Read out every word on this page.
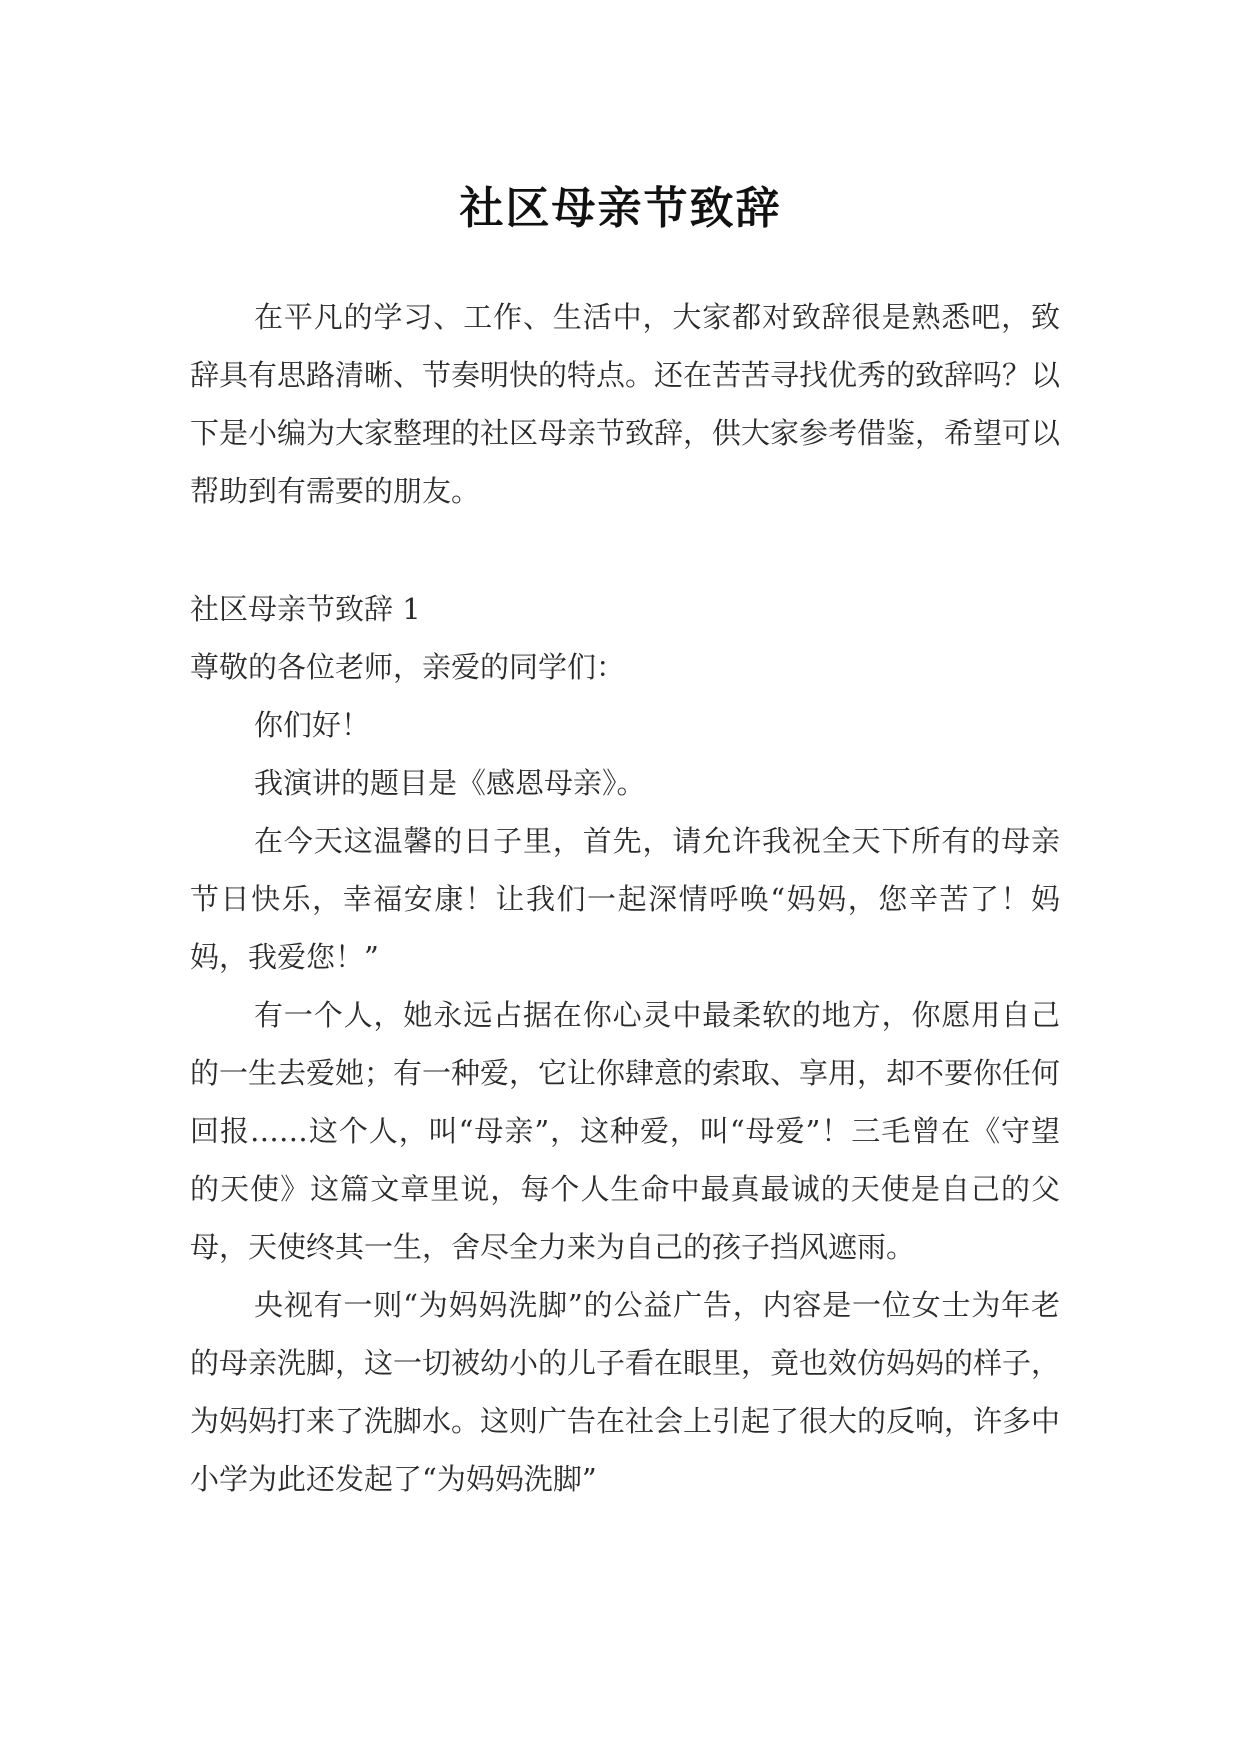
社区母亲节致辞

在平凡的学习、工作、生活中，大家都对致辞很是熟悉吧，致辞具有思路清晰、节奏明快的特点。还在苦苦寻找优秀的致辞吗？以下是小编为大家整理的社区母亲节致辞，供大家参考借鉴，希望可以帮助到有需要的朋友。

社区母亲节致辞 1

尊敬的各位老师，亲爱的同学们：

你们好！

我演讲的题目是《感恩母亲》。

在今天这温馨的日子里，首先，请允许我祝全天下所有的母亲节日快乐，幸福安康！让我们一起深情呼唤“妈妈，您辛苦了！妈妈，我爱您！”

有一个人，她永远占据在你心灵中最柔软的地方，你愿用自己的一生去爱她；有一种爱，它让你肆意的索取、享用，却不要你任何回报……这个人，叫“母亲”，这种爱，叫“母爱”！三毛曾在《守望的天使》这篇文章里说，每个人生命中最真最诚的天使是自己的父母，天使终其一生，舍尽全力来为自己的孩子挡风遮雨。

央视有一则“为妈妈洗脚”的公益广告，内容是一位女士为年老的母亲洗脚，这一切被幼小的儿子看在眼里，竟也效仿妈妈的样子，为妈妈打来了洗脚水。这则广告在社会上引起了很大的反响，许多中小学为此还发起了“为妈妈洗脚”
